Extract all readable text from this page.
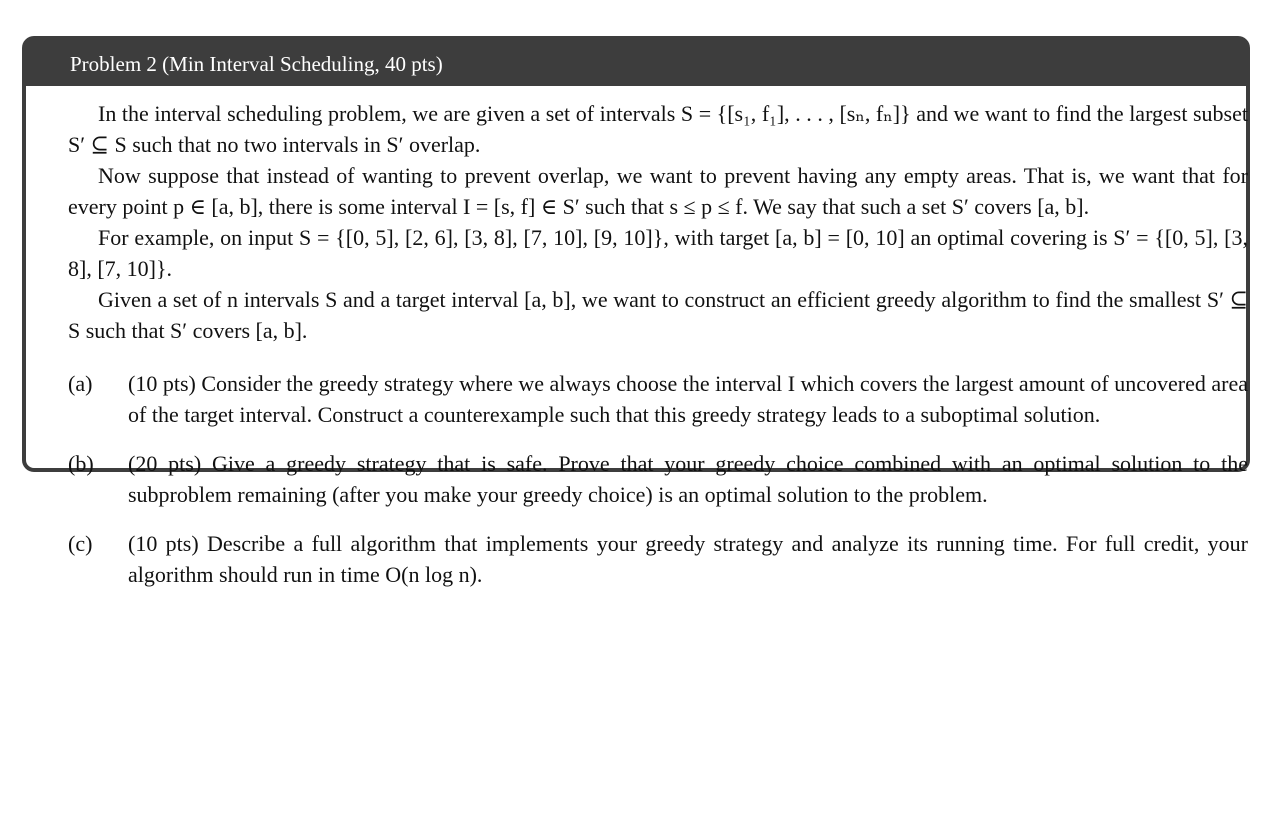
Problem 2 (Min Interval Scheduling, 40 pts)

In the interval scheduling problem, we are given a set of intervals S = {[s₁, f₁], . . . , [sₙ, fₙ]} and we want to find the largest subset S′ ⊆ S such that no two intervals in S′ overlap.

Now suppose that instead of wanting to prevent overlap, we want to prevent having any empty areas. That is, we want that for every point p ∈ [a, b], there is some interval I = [s, f] ∈ S′ such that s ≤ p ≤ f. We say that such a set S′ covers [a, b].

For example, on input S = {[0, 5], [2, 6], [3, 8], [7, 10], [9, 10]}, with target [a, b] = [0, 10] an optimal covering is S′ = {[0, 5], [3, 8], [7, 10]}.

Given a set of n intervals S and a target interval [a, b], we want to construct an efficient greedy algorithm to find the smallest S′ ⊆ S such that S′ covers [a, b].

(a) (10 pts) Consider the greedy strategy where we always choose the interval I which covers the largest amount of uncovered area of the target interval. Construct a counterexample such that this greedy strategy leads to a suboptimal solution.
(b) (20 pts) Give a greedy strategy that is safe. Prove that your greedy choice combined with an optimal solution to the subproblem remaining (after you make your greedy choice) is an optimal solution to the problem.
(c) (10 pts) Describe a full algorithm that implements your greedy strategy and analyze its running time. For full credit, your algorithm should run in time O(n log n).
